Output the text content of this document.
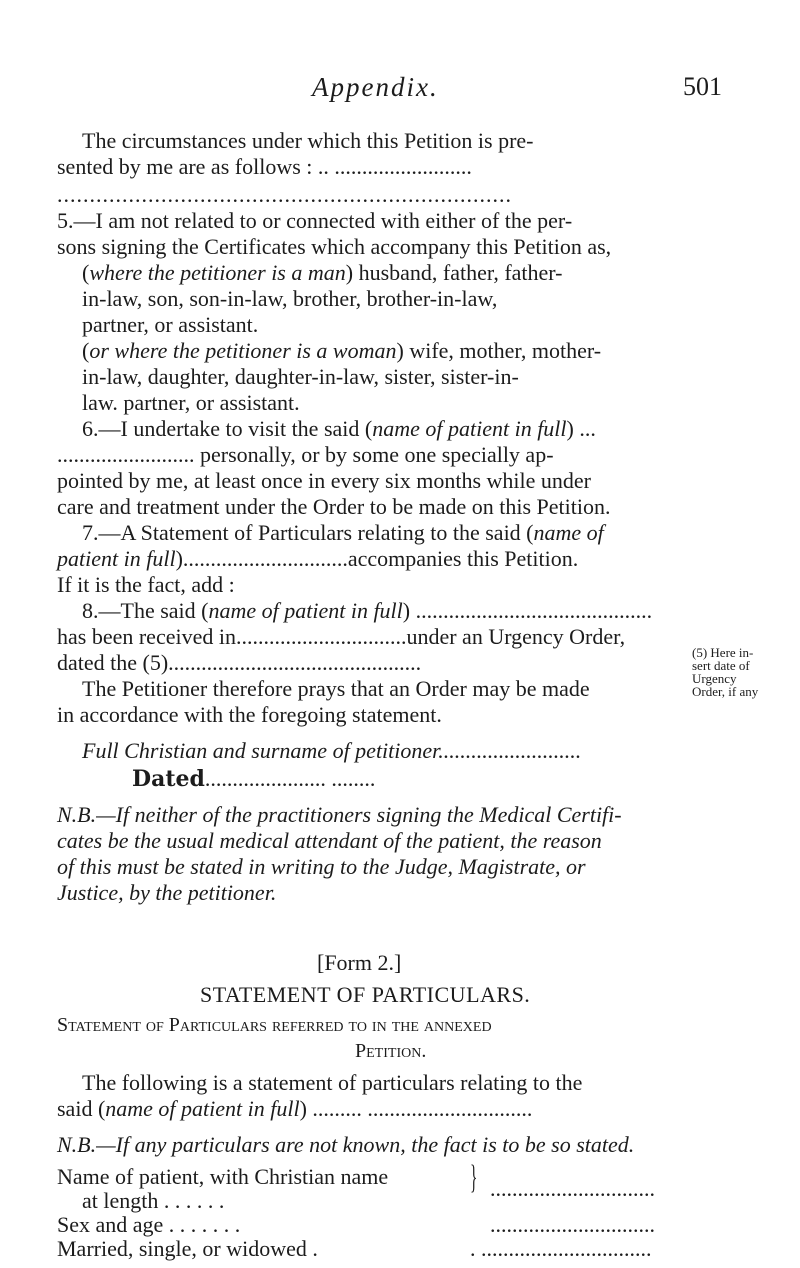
Appendix.	501
The circumstances under which this Petition is pre-
sented by me are as follows : .. .........................
......................................................................
5.—I am not related to or connected with either of the per-
sons signing the Certificates which accompany this Petition as,
(where the petitioner is a man) husband, father, father-
in-law, son, son-in-law, brother, brother-in-law,
partner, or assistant.
(or where the petitioner is a woman) wife, mother, mother-
in-law, daughter, daughter-in-law, sister, sister-in-
law. partner, or assistant.
6.—I undertake to visit the said (name of patient in full) ...
......................... personally, or by some one specially ap-
pointed by me, at least once in every six months while under
care and treatment under the Order to be made on this Petition.
7.—A Statement of Particulars relating to the said (name of
patient in full)..............................accompanies this Petition.
If it is the fact, add :
8.—The said (name of patient in full) ...........................................
has been received in...............................under an Urgency Order,
dated the (5)..............................................
The Petitioner therefore prays that an Order may be made
in accordance with the foregoing statement.
(5) Here in-
sert date of
Urgency
Order, if any
Full Christian and surname of petitioner..........................
Dated...................... ........
N.B.—If neither of the practitioners signing the Medical Certifi-
cates be the usual medical attendant of the patient, the reason
of this must be stated in writing to the Judge, Magistrate, or
Justice, by the petitioner.
[Form 2.]
STATEMENT OF PARTICULARS.
Statement of Particulars referred to in the annexed
Petition.
The following is a statement of particulars relating to the
said (name of patient in full) ......... ..............................
N.B.—If any particulars are not known, the fact is to be so stated.
Name of patient, with Christian name
at length . . . . . .
} ..............................
Sex and age . . . . . . .	..............................
Married, single, or widowed .	. ...............................
